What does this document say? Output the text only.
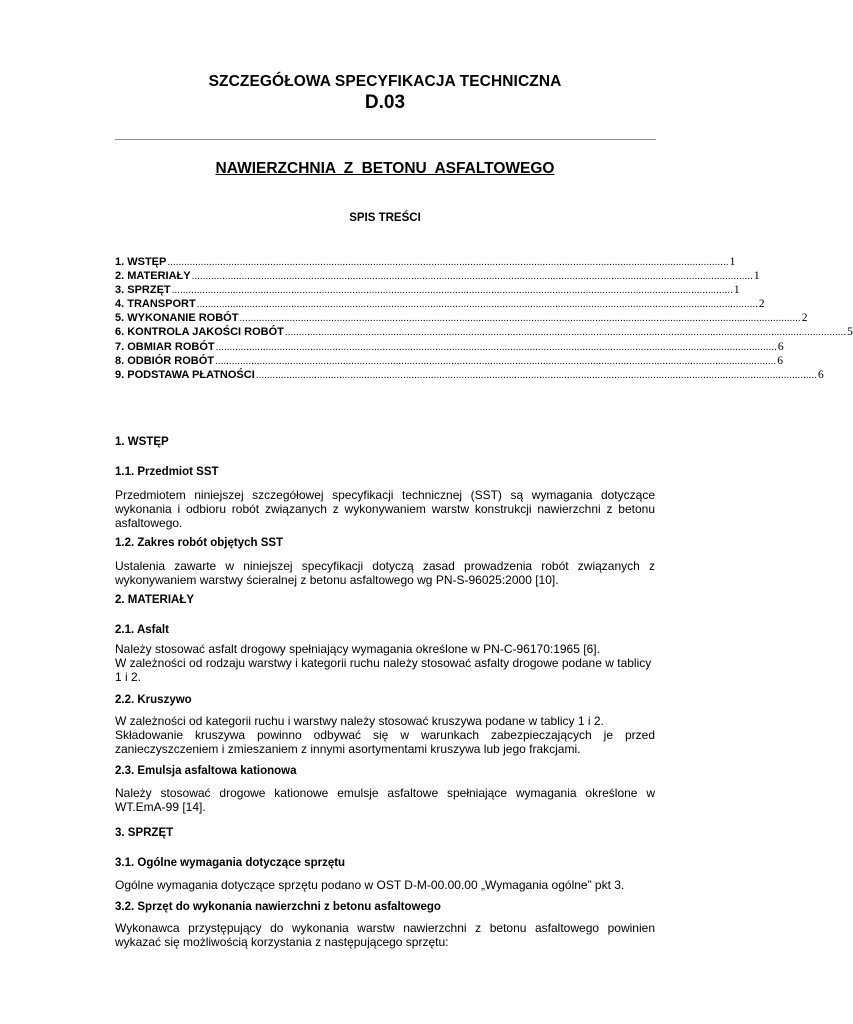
SZCZEGÓŁOWA SPECYFIKACJA TECHNICZNA
D.03
NAWIERZCHNIA Z BETONU ASFALTOWEGO
SPIS TREŚCI
1. WSTĘP .......................................................................................................................................................................................................... 1
2. MATERIAŁY .......................................................................................................................................................................................................... 1
3. SPRZĘT .......................................................................................................................................................................................................... 1
4. TRANSPORT .......................................................................................................................................................................................................... 2
5. WYKONANIE ROBÓT .......................................................................................................................................................................................................... 2
6. KONTROLA JAKOŚCI ROBÓT .......................................................................................................................................................................................................... 5
7. OBMIAR ROBÓT .......................................................................................................................................................................................................... 6
8. ODBIÓR ROBÓT .......................................................................................................................................................................................................... 6
9. PODSTAWA PŁATNOŚCI .......................................................................................................................................................................................................... 6
1. WSTĘP
1.1. Przedmiot SST
Przedmiotem niniejszej szczegółowej specyfikacji technicznej (SST) są wymagania dotyczące wykonania i odbioru robót związanych z wykonywaniem warstw konstrukcji nawierzchni z betonu asfaltowego.
1.2. Zakres robót objętych SST
Ustalenia zawarte w niniejszej specyfikacji dotyczą zasad prowadzenia robót związanych z wykonywaniem warstwy ścieralnej z betonu asfaltowego wg PN-S-96025:2000 [10].
2. MATERIAŁY
2.1. Asfalt
Należy stosować asfalt drogowy spełniający wymagania określone w PN-C-96170:1965 [6].
W zależności od rodzaju warstwy i kategorii ruchu należy stosować asfalty drogowe podane w tablicy 1 i 2.
2.2. Kruszywo
W zależności od kategorii ruchu i warstwy należy stosować kruszywa podane w tablicy 1 i 2.
Składowanie kruszywa powinno odbywać się w warunkach zabezpieczających je przed zanieczyszczeniem i zmieszaniem z innymi asortymentami kruszywa lub jego frakcjami.
2.3. Emulsja asfaltowa kationowa
Należy stosować drogowe kationowe emulsje asfaltowe spełniające wymagania określone w WT.EmA-99 [14].
3. SPRZĘT
3.1. Ogólne wymagania dotyczące sprzętu
Ogólne wymagania dotyczące sprzętu podano w OST D-M-00.00.00 „Wymagania ogólne” pkt 3.
3.2. Sprzęt do wykonania nawierzchni z betonu asfaltowego
Wykonawca przystępujący do wykonania warstw nawierzchni z betonu asfaltowego powinien wykazać się możliwością korzystania z następującego sprzętu:
